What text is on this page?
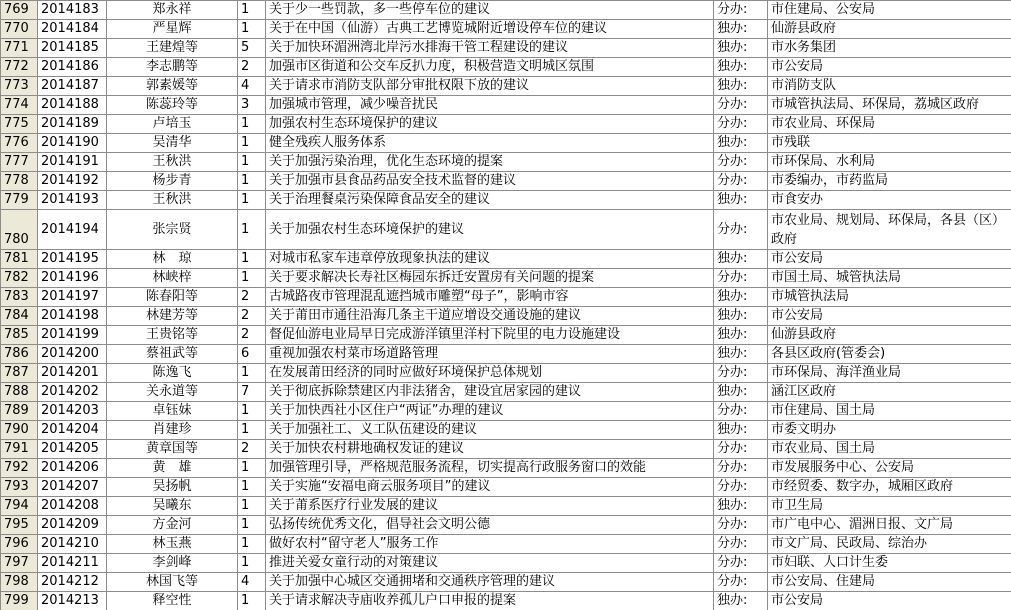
769	2014183	郑永祥	1	关于少一些罚款，多一些停车位的建议	分办:	市住建局、公安局
770	2014184	严星辉	1	关于在中国（仙游）古典工艺博览城附近增设停车位的建议	独办:	仙游县政府
771	2014185	王建煌等	5	关于加快环湄洲湾北岸污水排海干管工程建设的建议	独办:	市水务集团
772	2014186	李志鹏等	2	加强市区街道和公交车反扒力度，积极营造文明城区氛围	独办:	市公安局
773	2014187	郭素媛等	4	关于请求市消防支队部分审批权限下放的建议	独办:	市消防支队
774	2014188	陈蕊玲等	3	加强城市管理，减少噪音扰民	分办:	市城管执法局、环保局，荔城区政府
775	2014189	卢培玉	1	加强农村生态环境保护的建议	分办:	市农业局、环保局
776	2014190	吴清华	1	健全残疾人服务体系	独办:	市残联
777	2014191	王秋洪	1	关于加强污染治理，优化生态环境的提案	分办:	市环保局、水利局
778	2014192	杨步青	1	关于加强市县食品药品安全技术监督的建议	分办:	市委编办，市药监局
779	2014193	王秋洪	1	关于治理餐桌污染保障食品安全的建议	独办:	市食安办
780	2014194	张宗贤	1	关于加强农村生态环境保护的建议	分办:	市农业局、规划局、环保局，各县（区）政府
781	2014195	林　琼	1	对城市私家车违章停放现象执法的建议	独办:	市公安局
782	2014196	林峡梓	1	关于要求解决长寿社区梅园东拆迁安置房有关问题的提案	分办:	市国土局、城管执法局
783	2014197	陈春阳等	2	古城路夜市管理混乱遮挡城市雕塑“母子”，影响市容	独办:	市城管执法局
784	2014198	林建芳等	2	关于莆田市通往沿海几条主干道应增设交通设施的建议	独办:	市公安局
785	2014199	王贵铭等	2	督促仙游电业局早日完成游洋镇里洋村下院里的电力设施建设	独办:	仙游县政府
786	2014200	蔡祖武等	6	重视加强农村菜市场道路管理	独办:	各县区政府(管委会)
787	2014201	陈逸飞	1	在发展莆田经济的同时应做好环境保护总体规划	分办:	市环保局、海洋渔业局
788	2014202	关永道等	7	关于彻底拆除禁建区内非法猪舍，建设宜居家园的建议	独办:	涵江区政府
789	2014203	卓钰妹	1	关于加快西社小区住户“两证”办理的建议	分办:	市住建局、国土局
790	2014204	肖建珍	1	关于加强社工、义工队伍建设的建议	独办:	市委文明办
791	2014205	黄章国等	2	关于加快农村耕地确权发证的建议	分办:	市农业局、国土局
792	2014206	黄　雄	1	加强管理引导，严格规范服务流程，切实提高行政服务窗口的效能	分办:	市发展服务中心、公安局
793	2014207	吴扬帆	1	关于实施“安福电商云服务项目”的建议	分办:	市经贸委、数字办，城厢区政府
794	2014208	吴曦东	1	关于莆系医疗行业发展的建议	独办:	市卫生局
795	2014209	方金河	1	弘扬传统优秀文化，倡导社会文明公德	分办:	市广电中心、湄洲日报、文广局
796	2014210	林玉燕	1	做好农村“留守老人”服务工作	分办:	市文广局、民政局、综治办
797	2014211	李剑峰	1	推进关爱女童行动的对策建议	分办:	市妇联、人口计生委
798	2014212	林国飞等	4	关于加强中心城区交通拥堵和交通秩序管理的建议	分办:	市公安局、住建局
799	2014213	释空性	1	关于请求解决寺庙收养孤儿户口申报的提案	独办:	市公安局
